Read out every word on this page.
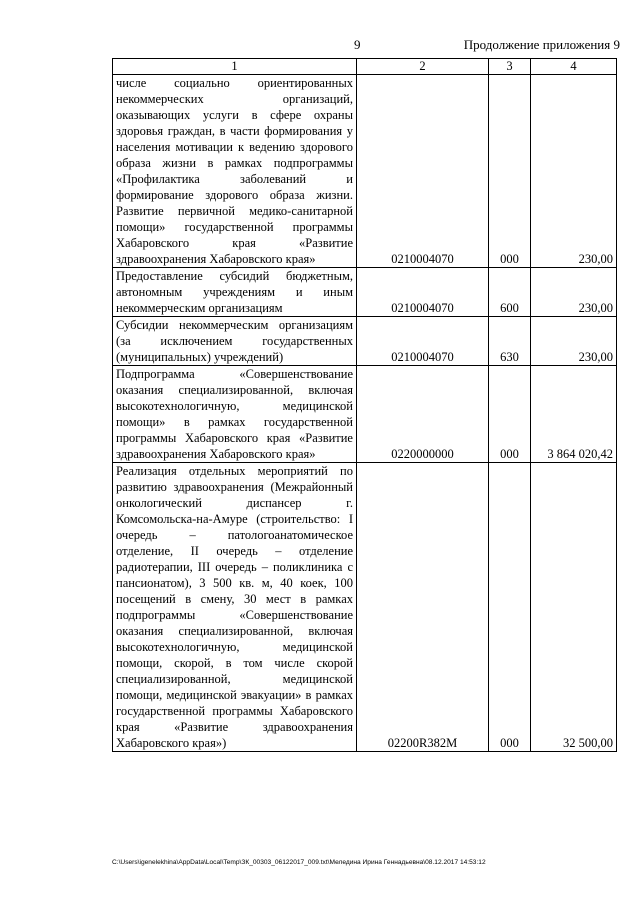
9	Продолжение приложения 9
1	2	3	4
числе социально ориентированных некоммерческих организаций, оказывающих услуги в сфере охраны здоровья граждан, в части формирования у населения мотивации к ведению здорового образа жизни в рамках подпрограммы «Профилактика заболеваний и формирование здорового образа жизни. Развитие первичной медико-санитарной помощи» государственной программы Хабаровского края «Развитие здравоохранения Хабаровского края»	0210004070	000	230,00
Предоставление субсидий бюджетным, автономным учреждениям и иным некоммерческим организациям	0210004070	600	230,00
Субсидии некоммерческим организациям (за исключением государственных (муниципальных) учреждений)	0210004070	630	230,00
Подпрограмма «Совершенствование оказания специализированной, включая высокотехнологичную, медицинской помощи» в рамках государственной программы Хабаровского края «Развитие здравоохранения Хабаровского края»	0220000000	000	3 864 020,42
Реализация отдельных мероприятий по развитию здравоохранения (Межрайонный онкологический диспансер г. Комсомольска-на-Амуре (строительство: I очередь – патологоанатомическое отделение, II очередь – отделение радиотерапии, III очередь – поликлиника с пансионатом), 3 500 кв. м, 40 коек, 100 посещений в смену, 30 мест в рамках подпрограммы «Совершенствование оказания специализированной, включая высокотехнологичную, медицинской помощи, скорой, в том числе скорой специализированной, медицинской помощи, медицинской эвакуации» в рамках государственной программы Хабаровского края «Развитие здравоохранения Хабаровского края»)	02200R382M	000	32 500,00
C:\Users\igenelekhina\AppData\Local\Temp\ЗК_00303_06122017_009.txt\Меледина Ирина Геннадьевна\08.12.2017 14:53:12
